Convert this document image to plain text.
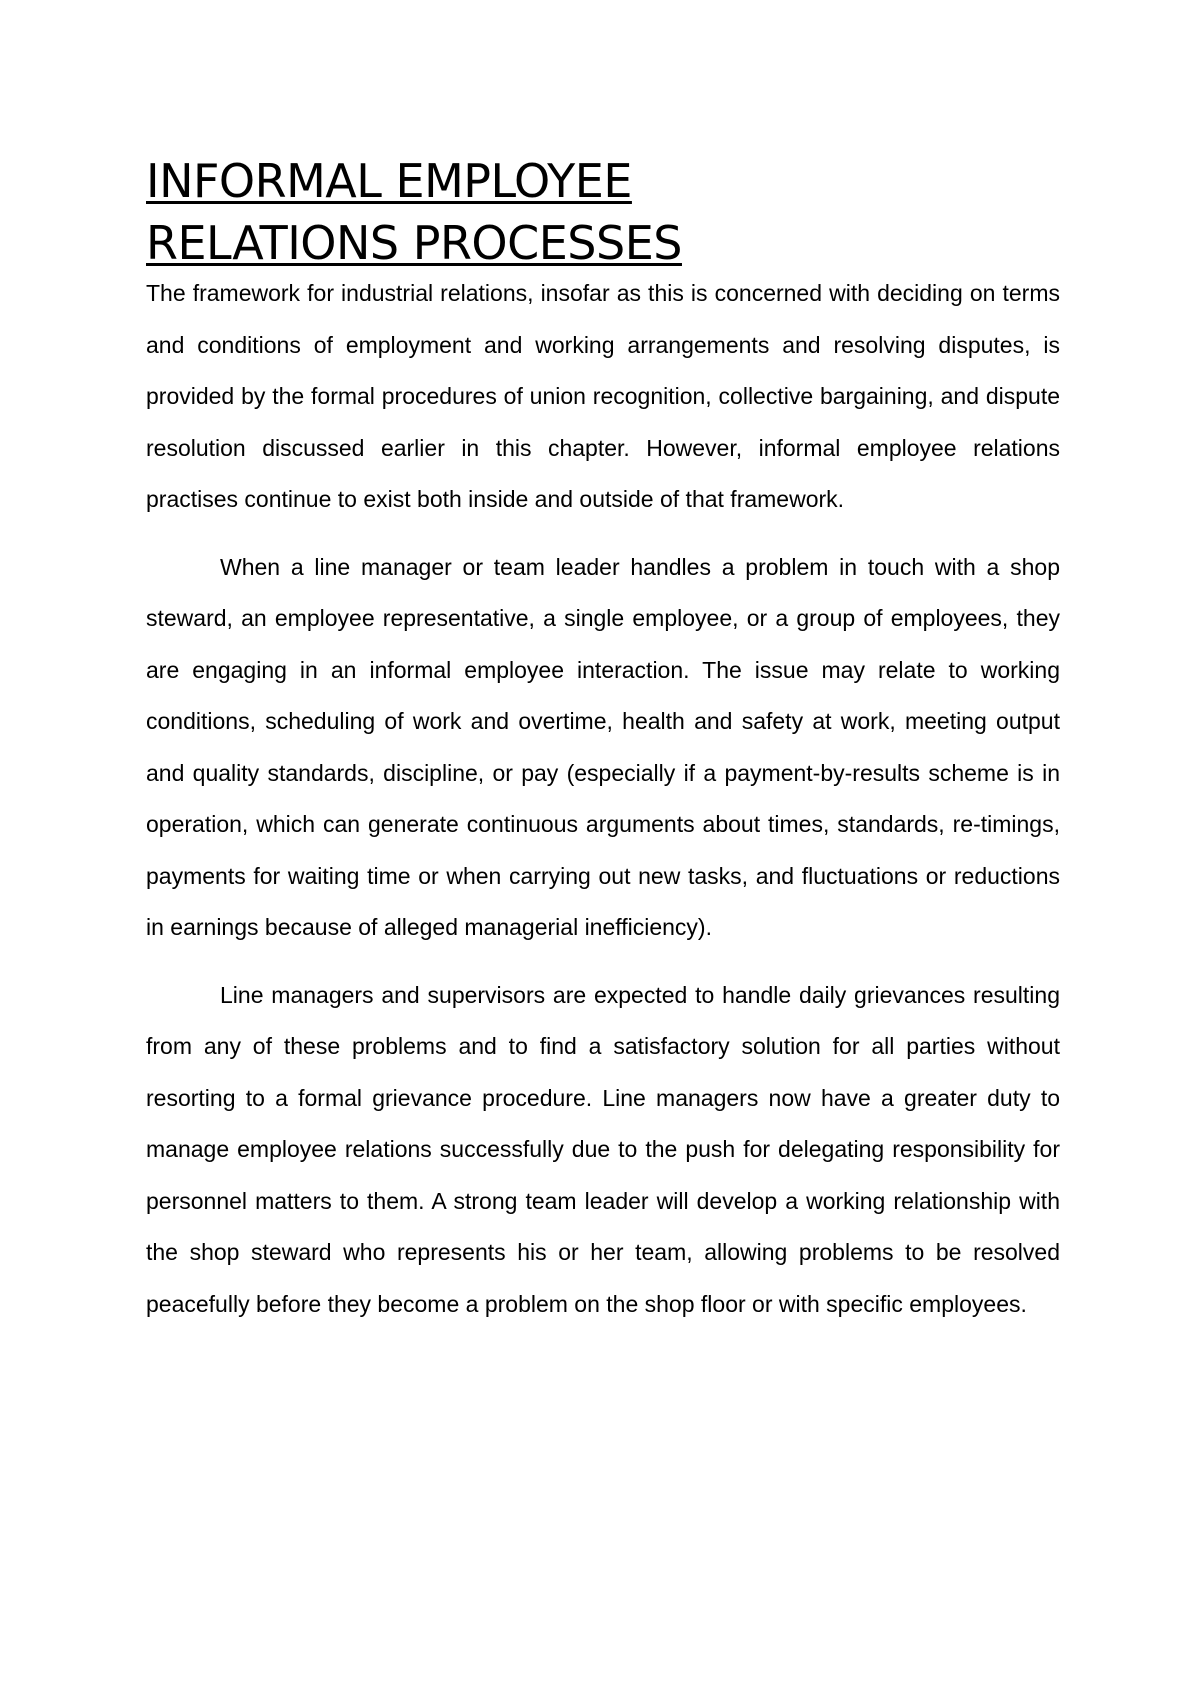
INFORMAL EMPLOYEE
RELATIONS PROCESSES

The framework for industrial relations, insofar as this is concerned with deciding on terms and conditions of employment and working arrangements and resolving disputes, is provided by the formal procedures of union recognition, collective bargaining, and dispute resolution discussed earlier in this chapter. However, informal employee relations practises continue to exist both inside and outside of that framework.

When a line manager or team leader handles a problem in touch with a shop steward, an employee representative, a single employee, or a group of employees, they are engaging in an informal employee interaction. The issue may relate to working conditions, scheduling of work and overtime, health and safety at work, meeting output and quality standards, discipline, or pay (especially if a payment-by-results scheme is in operation, which can generate continuous arguments about times, standards, re-timings, payments for waiting time or when carrying out new tasks, and fluctuations or reductions in earnings because of alleged managerial inefficiency).

Line managers and supervisors are expected to handle daily grievances resulting from any of these problems and to find a satisfactory solution for all parties without resorting to a formal grievance procedure. Line managers now have a greater duty to manage employee relations successfully due to the push for delegating responsibility for personnel matters to them. A strong team leader will develop a working relationship with the shop steward who represents his or her team, allowing problems to be resolved peacefully before they become a problem on the shop floor or with specific employees.
